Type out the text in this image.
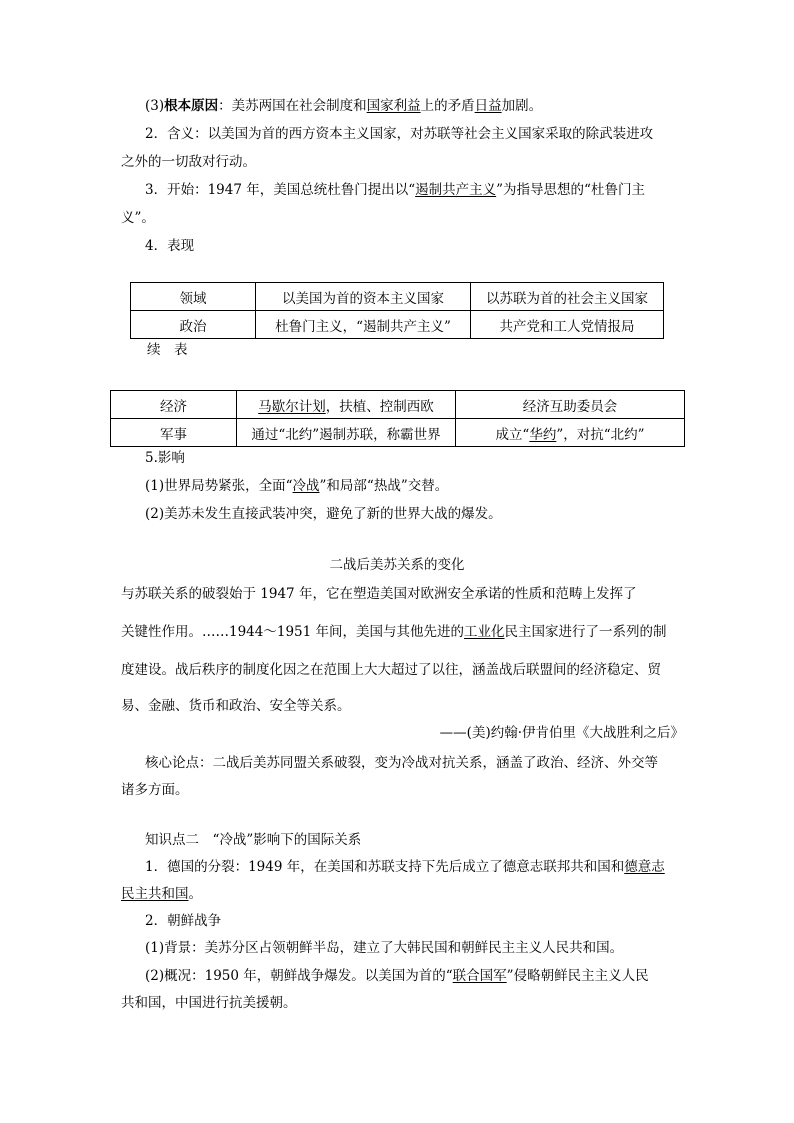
(3)根本原因：美苏两国在社会制度和国家利益上的矛盾日益加剧。
2．含义：以美国为首的西方资本主义国家，对苏联等社会主义国家采取的除武装进攻
之外的一切敌对行动。
3．开始：1947 年，美国总统杜鲁门提出以“遏制共产主义”为指导思想的“杜鲁门主
义”。
4．表现
领域	以美国为首的资本主义国家	以苏联为首的社会主义国家
政治	杜鲁门主义，“遏制共产主义”	共产党和工人党情报局
续　表
经济	马歇尔计划，扶植、控制西欧	经济互助委员会
军事	通过“北约”遏制苏联，称霸世界	成立“华约”，对抗“北约”
5.影响
(1)世界局势紧张，全面“冷战”和局部“热战”交替。
(2)美苏未发生直接武装冲突，避免了新的世界大战的爆发。
二战后美苏关系的变化
与苏联关系的破裂始于 1947 年，它在塑造美国对欧洲安全承诺的性质和范畴上发挥了
关键性作用。……1944～1951 年间，美国与其他先进的工业化民主国家进行了一系列的制
度建设。战后秩序的制度化因之在范围上大大超过了以往，涵盖战后联盟间的经济稳定、贸
易、金融、货币和政治、安全等关系。
——(美)约翰·伊肯伯里《大战胜利之后》
核心论点：二战后美苏同盟关系破裂，变为冷战对抗关系，涵盖了政治、经济、外交等
诸多方面。
知识点二　“冷战”影响下的国际关系
1．德国的分裂：1949 年，在美国和苏联支持下先后成立了德意志联邦共和国和德意志
民主共和国。
2．朝鲜战争
(1)背景：美苏分区占领朝鲜半岛，建立了大韩民国和朝鲜民主主义人民共和国。
(2)概况：1950 年，朝鲜战争爆发。以美国为首的“联合国军”侵略朝鲜民主主义人民
共和国，中国进行抗美援朝。
